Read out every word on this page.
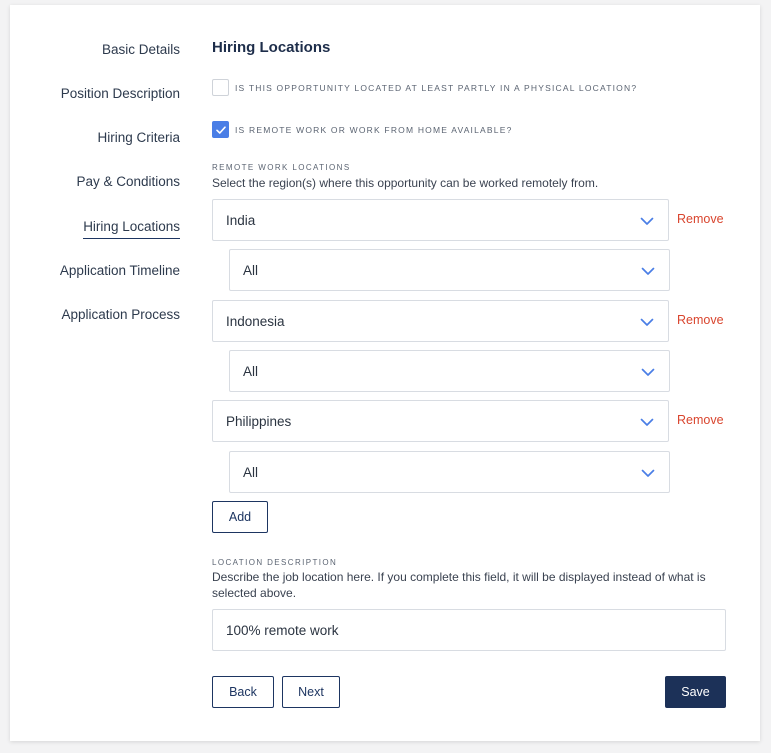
Basic Details
Position Description
Hiring Criteria
Pay & Conditions
Hiring Locations
Application Timeline
Application Process
Hiring Locations
IS THIS OPPORTUNITY LOCATED AT LEAST PARTLY IN A PHYSICAL LOCATION?
IS REMOTE WORK OR WORK FROM HOME AVAILABLE?
REMOTE WORK LOCATIONS
Select the region(s) where this opportunity can be worked remotely from.
India	Remove
All
Indonesia	Remove
All
Philippines	Remove
All
Add
LOCATION DESCRIPTION
Describe the job location here. If you complete this field, it will be displayed instead of what is selected above.
100% remote work
Back	Next	Save
